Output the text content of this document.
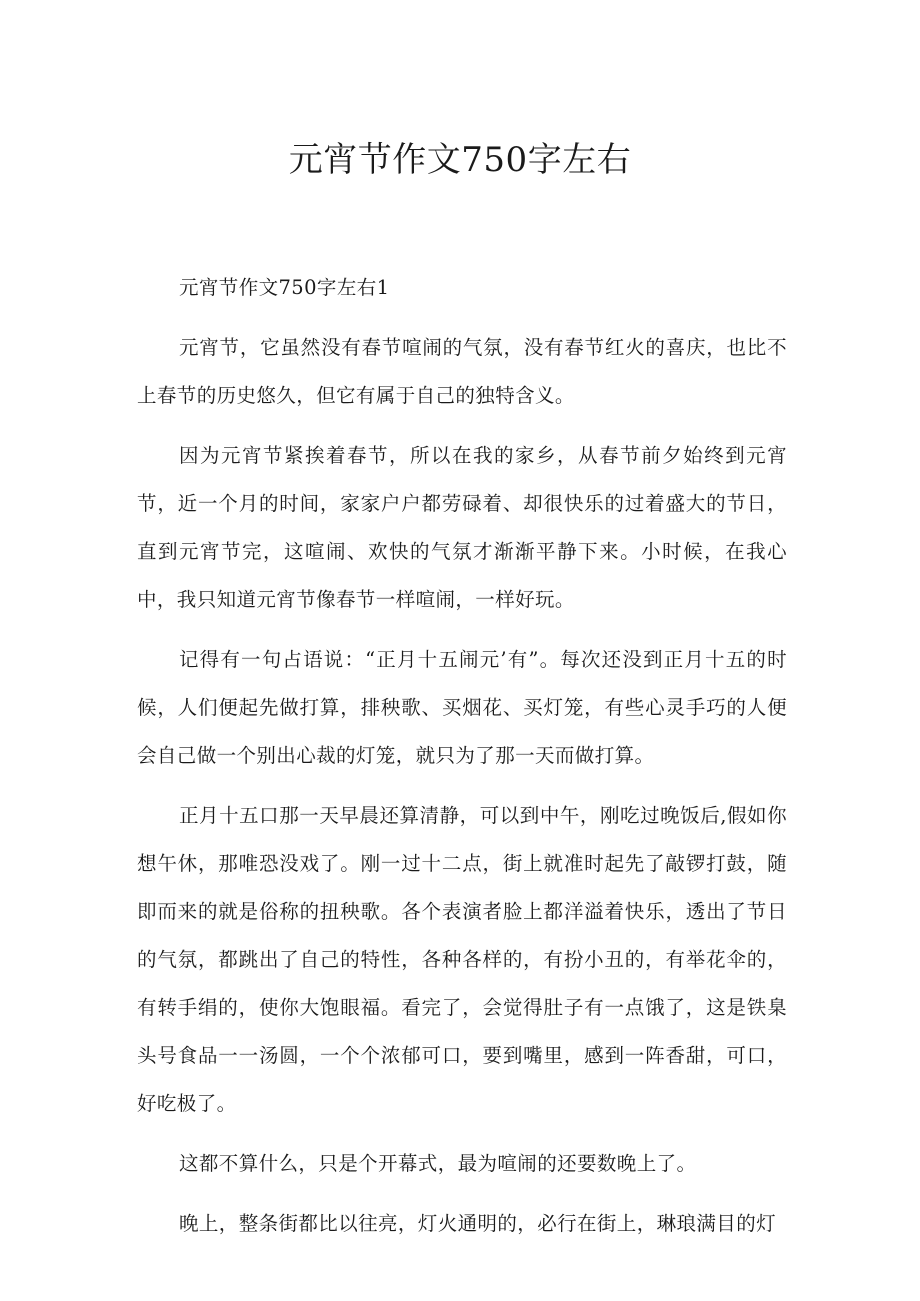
元宵节作文750字左右

元宵节作文750字左右1

元宵节，它虽然没有春节喧闹的气氛，没有春节红火的喜庆，也比不上春节的历史悠久，但它有属于自己的独特含义。

因为元宵节紧挨着春节，所以在我的家乡，从春节前夕始终到元宵节，近一个月的时间，家家户户都劳碌着、却很快乐的过着盛大的节日，直到元宵节完，这喧闹、欢快的气氛才渐渐平静下来。小时候，在我心中，我只知道元宵节像春节一样喧闹，一样好玩。

记得有一句占语说：“正月十五闹元’有”。每次还没到正月十五的时候，人们便起先做打算，排秧歌、买烟花、买灯笼，有些心灵手巧的人便会自己做一个别出心裁的灯笼，就只为了那一天而做打算。

正月十五口那一天早晨还算清静，可以到中午，刚吃过晚饭后,假如你想午休，那唯恐没戏了。刚一过十二点，街上就准时起先了敲锣打鼓，随即而来的就是俗称的扭秧歌。各个表演者脸上都洋溢着快乐，透出了节日的气氛，都跳出了自己的特性，各种各样的，有扮小丑的，有举花伞的，有转手绢的，使你大饱眼福。看完了，会觉得肚子有一点饿了，这是铁臬头号食品一一汤圆，一个个浓郁可口，要到嘴里，感到一阵香甜，可口，好吃极了。

这都不算什么，只是个开幕式，最为喧闹的还要数晚上了。

晚上，整条街都比以往亮，灯火通明的，必行在街上，琳琅满目的灯
